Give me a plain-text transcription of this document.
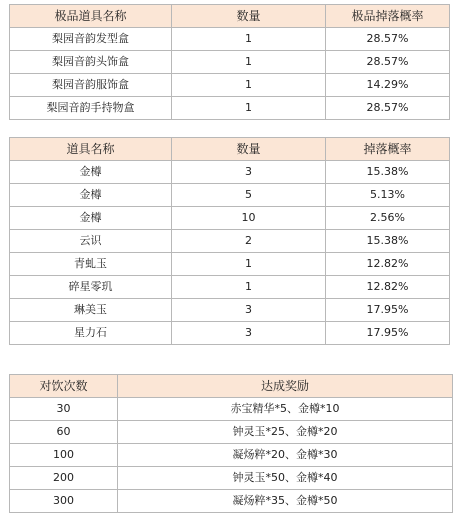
极品道具名称	数量	极品掉落概率
梨园音韵发型盒	1	28.57%
梨园音韵头饰盒	1	28.57%
梨园音韵服饰盒	1	14.29%
梨园音韵手持物盒	1	28.57%
道具名称	数量	掉落概率
金樽	3	15.38%
金樽	5	5.13%
金樽	10	2.56%
云识	2	15.38%
青虬玉	1	12.82%
碎星零玑	1	12.82%
琳美玉	3	17.95%
星力石	3	17.95%
对饮次数	达成奖励
30	赤宝精华*5、金樽*10
60	钟灵玉*25、金樽*20
100	凝炀粹*20、金樽*30
200	钟灵玉*50、金樽*40
300	凝炀粹*35、金樽*50
